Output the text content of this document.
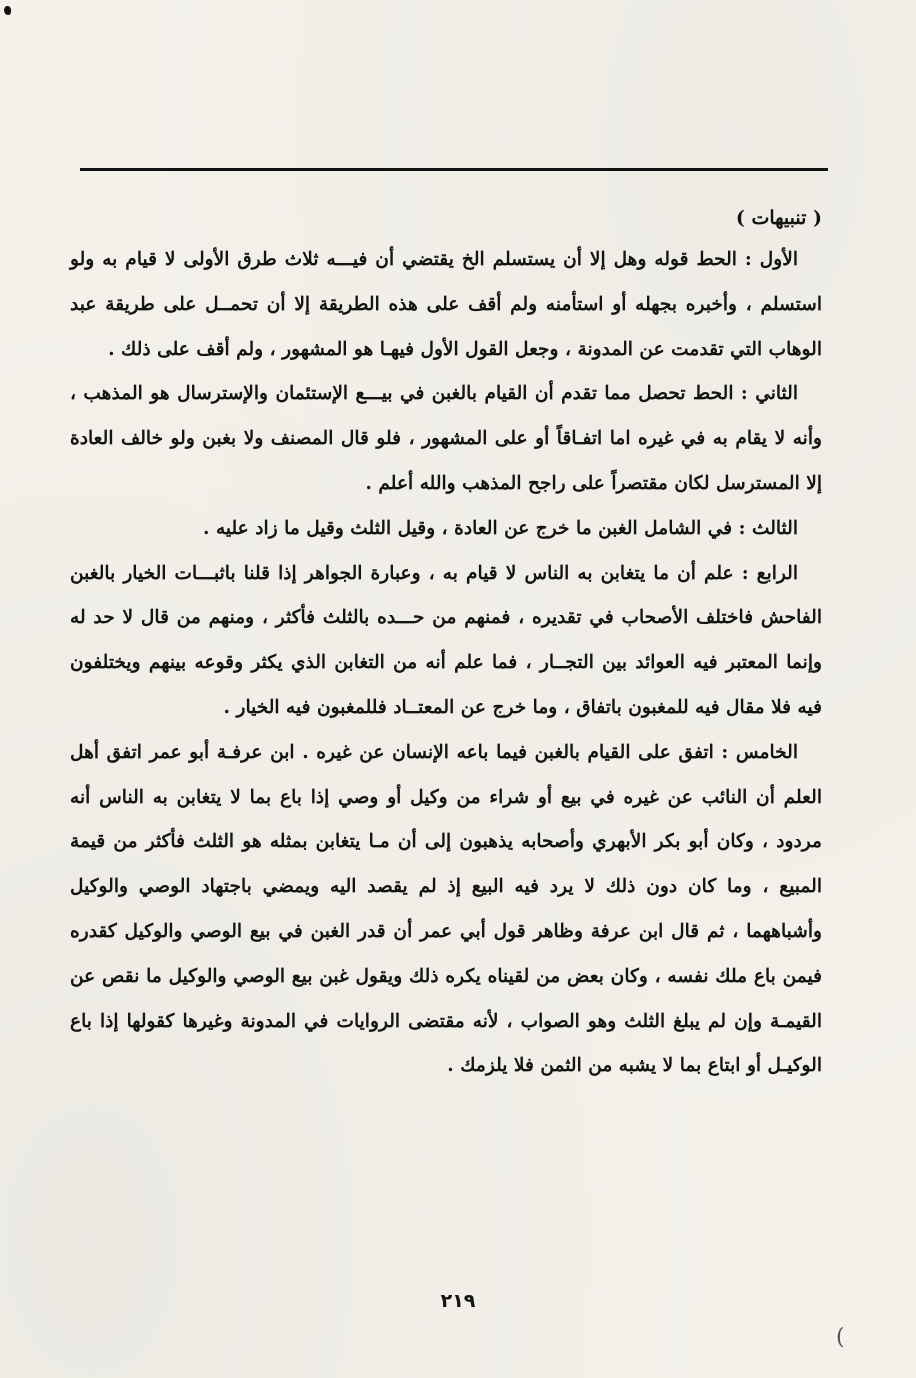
( تنبيهات )

الأول : الحط قوله وهل إلا أن يستسلم الخ يقتضي أن فيـــه ثلاث طرق الأولى لا قيام به ولو استسلم ، وأخبره بجهله أو استأمنه ولم أقف على هذه الطريقة إلا أن تحمــل على طريقة عبد الوهاب التي تقدمت عن المدونة ، وجعل القول الأول فيهـا هو المشهور ، ولم أقف على ذلك .

الثاني : الحط تحصل مما تقدم أن القيام بالغبن في بيـــع الإستئمان والإسترسال هو المذهب ، وأنه لا يقام به في غيره اما اتفـاقاً أو على المشهور ، فلو قال المصنف ولا بغبن ولو خالف العادة إلا المسترسل لكان مقتصراً على راجح المذهب والله أعلم .

الثالث : في الشامل الغبن ما خرج عن العادة ، وقيل الثلث وقيل ما زاد عليه .

الرابع : علم أن ما يتغابن به الناس لا قيام به ، وعبارة الجواهر إذا قلنا باثبـــات الخيار بالغبن الفاحش فاختلف الأصحاب في تقديره ، فمنهم من حـــده بالثلث فأكثر ، ومنهم من قال لا حد له وإنما المعتبر فيه العوائد بين التجــار ، فما علم أنه من التغابن الذي يكثر وقوعه بينهم ويختلفون فيه فلا مقال فيه للمغبون باتفاق ، وما خرج عن المعتــاد فللمغبون فيه الخيار .

الخامس : اتفق على القيام بالغبن فيما باعه الإنسان عن غيره . ابن عرفـة أبو عمر اتفق أهل العلم أن النائب عن غيره في بيع أو شراء من وكيل أو وصي إذا باع بما لا يتغابن به الناس أنه مردود ، وكان أبو بكر الأبهري وأصحابه يذهبون إلى أن مـا يتغابن بمثله هو الثلث فأكثر من قيمة المبيع ، وما كان دون ذلك لا يرد فيه البيع إذ لم يقصد اليه ويمضي باجتهاد الوصي والوكيل وأشباههما ، ثم قال ابن عرفة وظاهر قول أبي عمر أن قدر الغبن في بيع الوصي والوكيل كقدره فيمن باع ملك نفسه ، وكان بعض من لقيناه يكره ذلك ويقول غبن بيع الوصي والوكيل ما نقص عن القيمـة وإن لم يبلغ الثلث وهو الصواب ، لأنه مقتضى الروايات في المدونة وغيرها كقولها إذا باع الوكيـل أو ابتاع بما لا يشبه من الثمن فلا يلزمك .

٢١٩
(
